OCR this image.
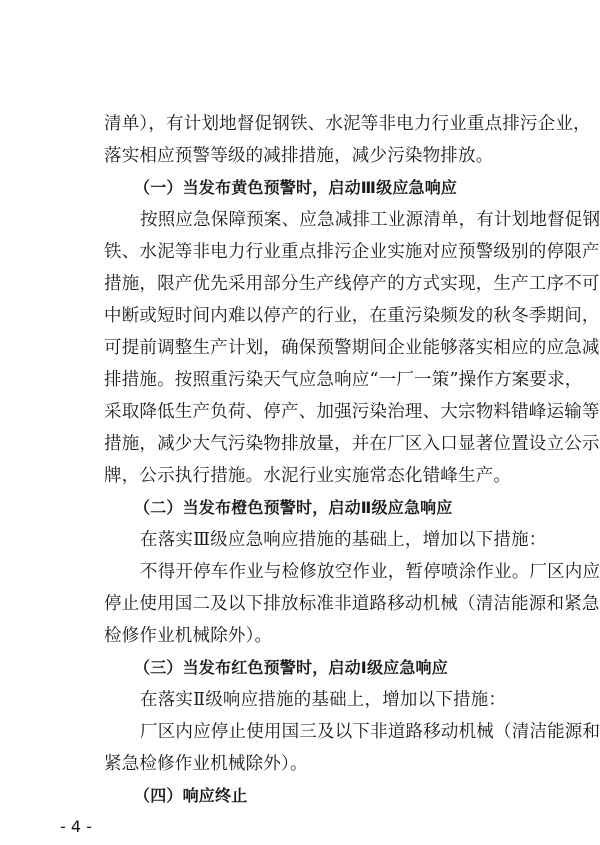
清单），有计划地督促钢铁、水泥等非电力行业重点排污企业，
落实相应预警等级的减排措施，减少污染物排放。
（一）当发布黄色预警时，启动Ⅲ级应急响应
按照应急保障预案、应急减排工业源清单，有计划地督促钢
铁、水泥等非电力行业重点排污企业实施对应预警级别的停限产
措施，限产优先采用部分生产线停产的方式实现，生产工序不可
中断或短时间内难以停产的行业，在重污染频发的秋冬季期间，
可提前调整生产计划，确保预警期间企业能够落实相应的应急减
排措施。按照重污染天气应急响应“一厂一策”操作方案要求，
采取降低生产负荷、停产、加强污染治理、大宗物料错峰运输等
措施，减少大气污染物排放量，并在厂区入口显著位置设立公示
牌，公示执行措施。水泥行业实施常态化错峰生产。
（二）当发布橙色预警时，启动Ⅱ级应急响应
在落实Ⅲ级应急响应措施的基础上，增加以下措施：
不得开停车作业与检修放空作业，暂停喷涂作业。厂区内应
停止使用国二及以下排放标准非道路移动机械（清洁能源和紧急
检修作业机械除外）。
（三）当发布红色预警时，启动Ⅰ级应急响应
在落实Ⅱ级响应措施的基础上，增加以下措施：
厂区内应停止使用国三及以下非道路移动机械（清洁能源和
紧急检修作业机械除外）。
（四）响应终止
- 4 -
